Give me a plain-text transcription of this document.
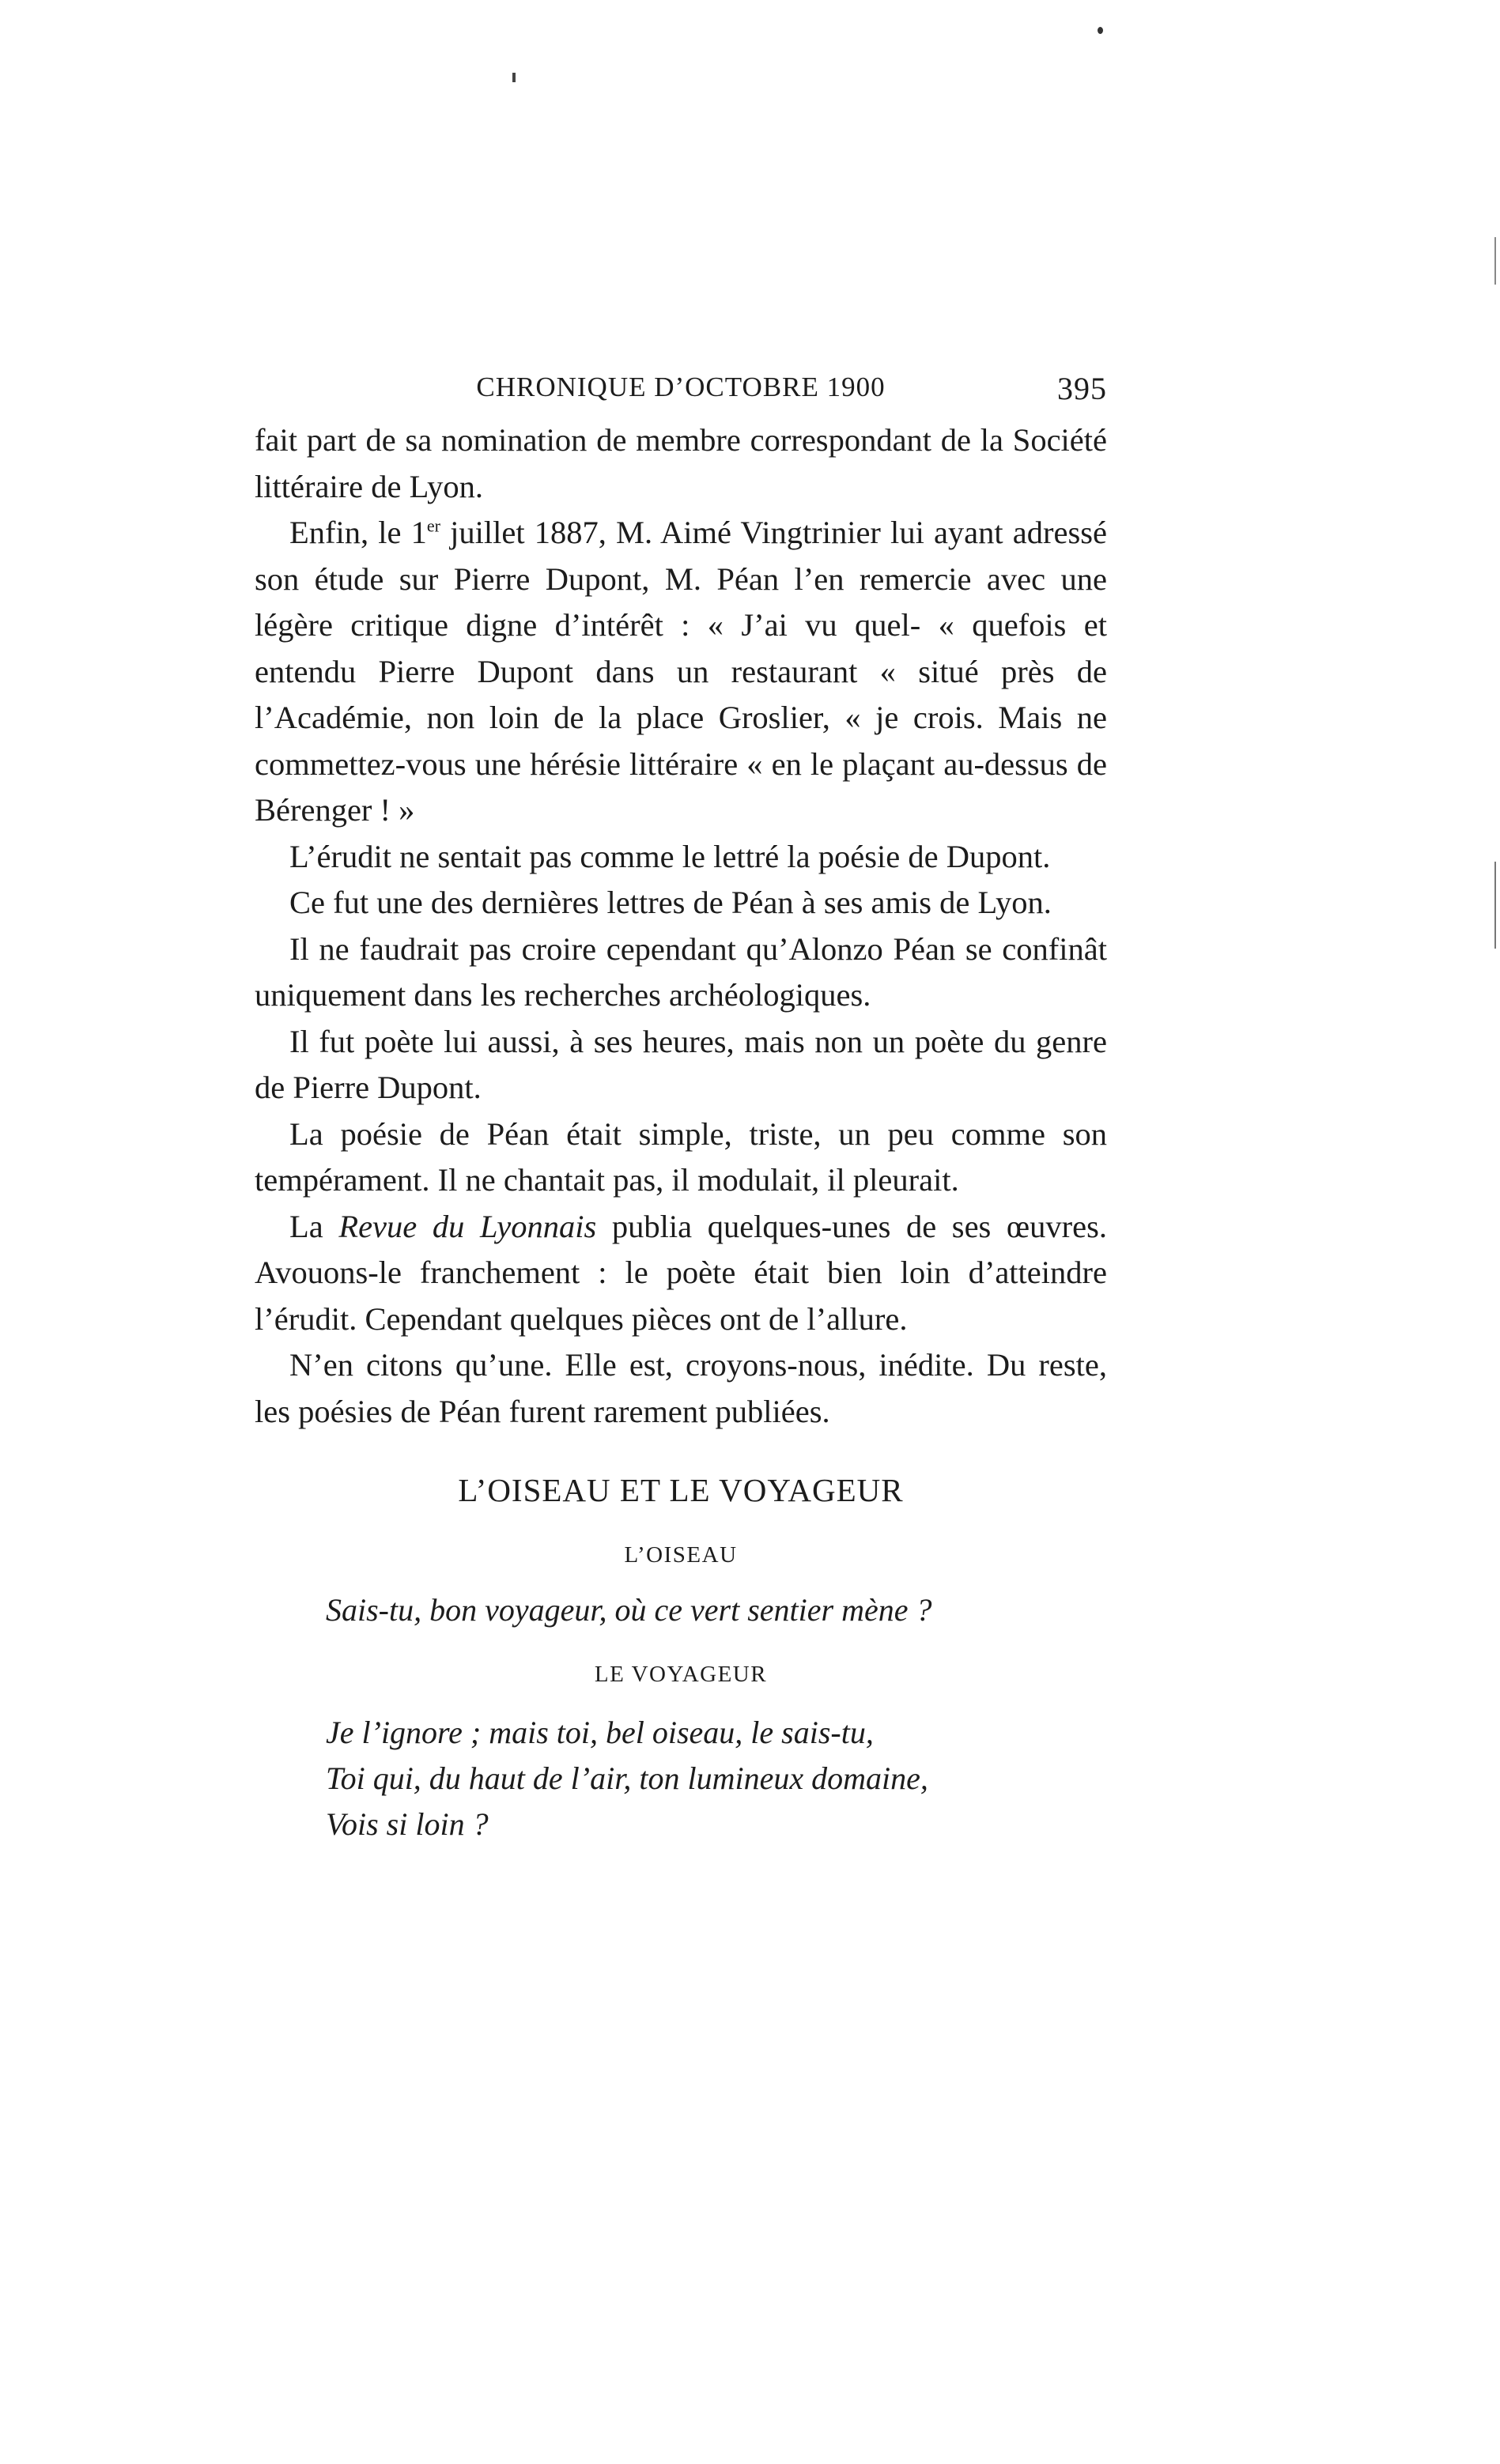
CHRONIQUE D’OCTOBRE 1900	395

fait part de sa nomination de membre correspondant de la Société littéraire de Lyon.

Enfin, le 1er juillet 1887, M. Aimé Vingtrinier lui ayant adressé son étude sur Pierre Dupont, M. Péan l’en remercie avec une légère critique digne d’intérêt : « J’ai vu quel- « quefois et entendu Pierre Dupont dans un restaurant « situé près de l’Académie, non loin de la place Groslier, « je crois. Mais ne commettez-vous une hérésie littéraire « en le plaçant au-dessus de Bérenger ! »

L’érudit ne sentait pas comme le lettré la poésie de Dupont.

Ce fut une des dernières lettres de Péan à ses amis de Lyon.

Il ne faudrait pas croire cependant qu’Alonzo Péan se confinât uniquement dans les recherches archéologiques.

Il fut poète lui aussi, à ses heures, mais non un poète du genre de Pierre Dupont.

La poésie de Péan était simple, triste, un peu comme son tempérament. Il ne chantait pas, il modulait, il pleurait.

La Revue du Lyonnais publia quelques-unes de ses œuvres. Avouons-le franchement : le poète était bien loin d’atteindre l’érudit. Cependant quelques pièces ont de l’allure.

N’en citons qu’une. Elle est, croyons-nous, inédite. Du reste, les poésies de Péan furent rarement publiées.

L’OISEAU ET LE VOYAGEUR
L’OISEAU
Sais-tu, bon voyageur, où ce vert sentier mène ?
LE VOYAGEUR
Je l’ignore ; mais toi, bel oiseau, le sais-tu,
Toi qui, du haut de l’air, ton lumineux domaine,
Vois si loin ?
